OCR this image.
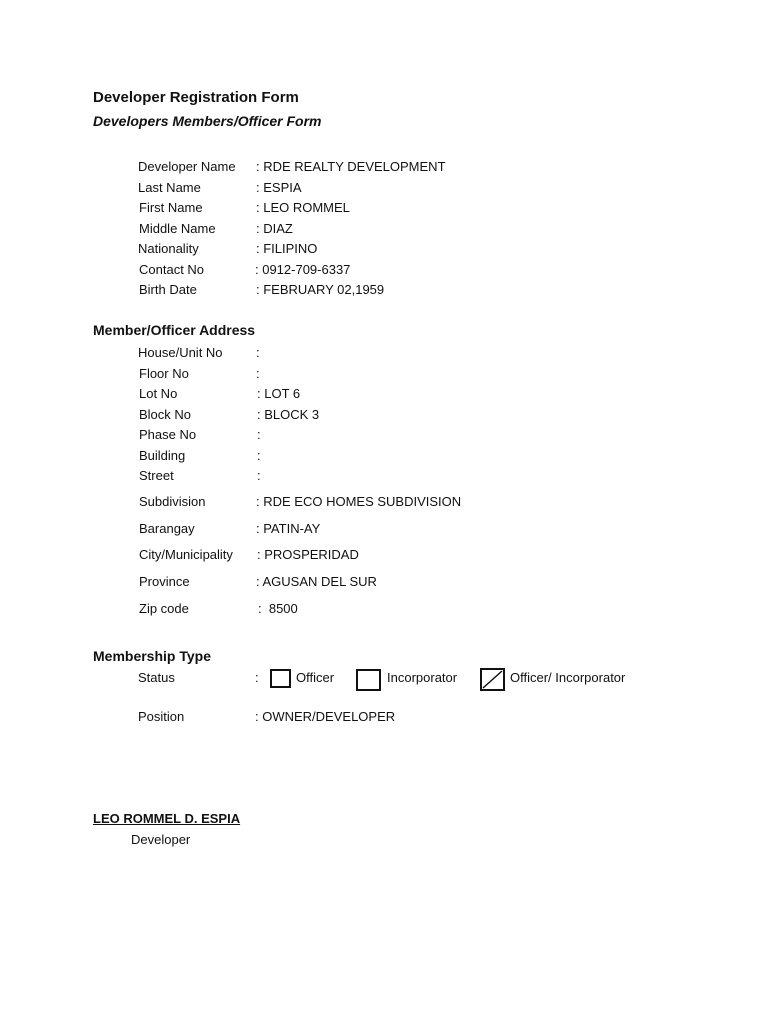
Developer Registration Form
Developers Members/Officer Form
Developer Name : RDE REALTY DEVELOPMENT
Last Name	: ESPIA
First Name	: LEO ROMMEL
Middle Name	: DIAZ
Nationality	: FILIPINO
Contact No	: 0912-709-6337
Birth Date	: FEBRUARY 02,1959
Member/Officer Address
House/Unit No	:
Floor No	:
Lot No	: LOT 6
Block No	: BLOCK 3
Phase No	:
Building	:
Street	:
Subdivision	: RDE ECO HOMES SUBDIVISION
Barangay	: PATIN-AY
City/Municipality : PROSPERIDAD
Province	: AGUSAN DEL SUR
Zip code	:  8500
Membership Type
Status	:	Officer	Incorporator	Officer/ Incorporator
Position	: OWNER/DEVELOPER
LEO ROMMEL D. ESPIA
Developer
